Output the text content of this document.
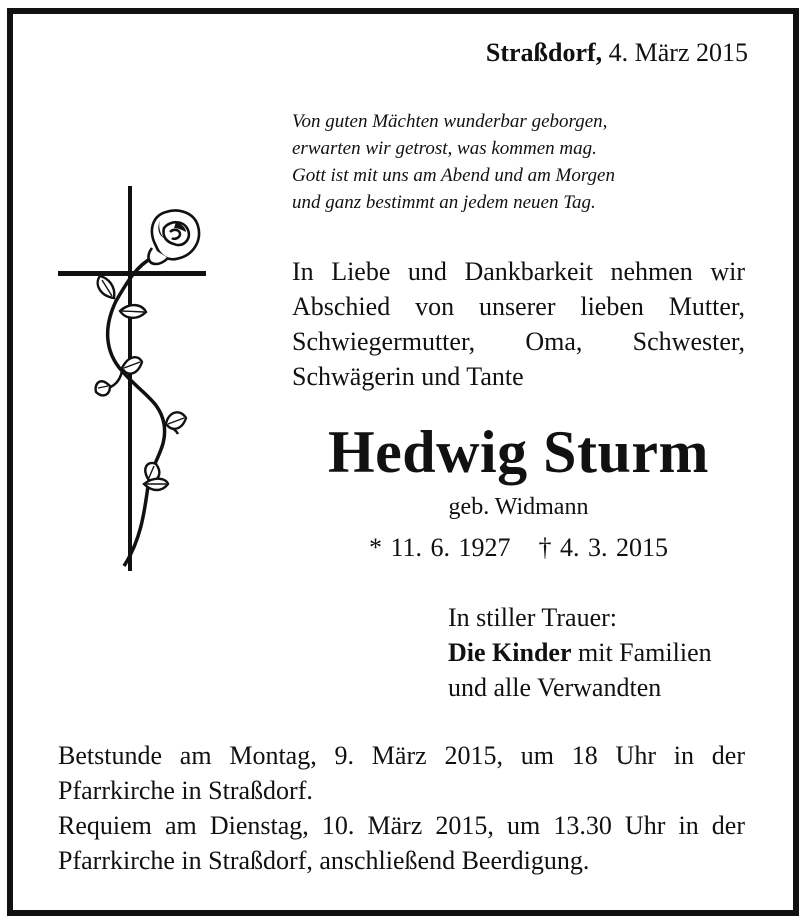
Straßdorf, 4. März 2015
Von guten Mächten wunderbar geborgen,
erwarten wir getrost, was kommen mag.
Gott ist mit uns am Abend und am Morgen
und ganz bestimmt an jedem neuen Tag.
In Liebe und Dankbarkeit nehmen wir
Abschied von unserer lieben Mutter,
Schwiegermutter, Oma, Schwester,
Schwägerin und Tante
Hedwig Sturm
geb. Widmann
* 11. 6. 1927 † 4. 3. 2015
In stiller Trauer:
Die Kinder mit Familien
und alle Verwandten
Betstunde am Montag, 9. März 2015, um 18 Uhr in der
Pfarrkirche in Straßdorf.
Requiem am Dienstag, 10. März 2015, um 13.30 Uhr in der
Pfarrkirche in Straßdorf, anschließend Beerdigung.
